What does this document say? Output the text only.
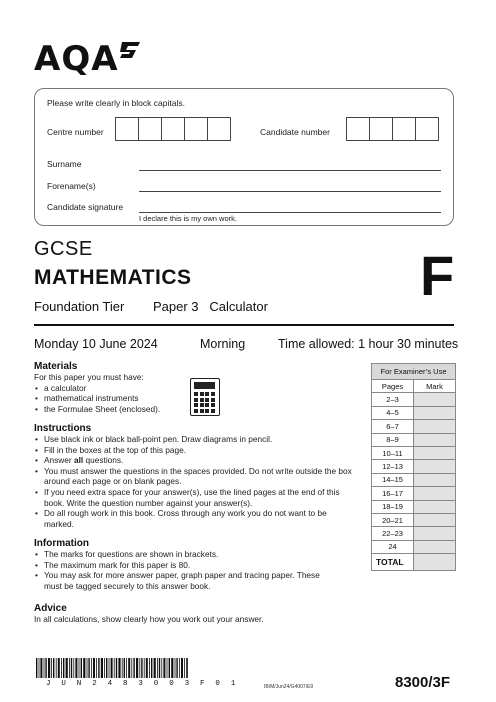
AQA
Please write clearly in block capitals.
Centre number	Candidate number
Surname
Forename(s)
Candidate signature
I declare this is my own work.
GCSE
MATHEMATICS
Foundation Tier Paper 3   Calculator	F
Monday 10 June 2024	Morning	Time allowed: 1 hour 30 minutes
Materials
For this paper you must have:
• a calculator
• mathematical instruments
• the Formulae Sheet (enclosed).
Instructions
• Use black ink or black ball-point pen. Draw diagrams in pencil.
• Fill in the boxes at the top of this page.
• Answer all questions.
• You must answer the questions in the spaces provided. Do not write outside the box around each page or on blank pages.
• If you need extra space for your answer(s), use the lined pages at the end of this book. Write the question number against your answer(s).
• Do all rough work in this book. Cross through any work you do not want to be marked.
Information
• The marks for questions are shown in brackets.
• The maximum mark for this paper is 80.
• You may ask for more answer paper, graph paper and tracing paper. These must be tagged securely to this answer book.
Advice
In all calculations, show clearly how you work out your answer.
For Examiner’s Use	
Pages	Mark
2–3	
4–5	
6–7	
8–9	
10–11	
12–13	
14–15	
16–17	
18–19	
20–21	
22–23	
24	
TOTAL	
J U N 2 4 8 3 0 0 3 F 0 1	IB/M/Jun24/G4007/E9	8300/3F
